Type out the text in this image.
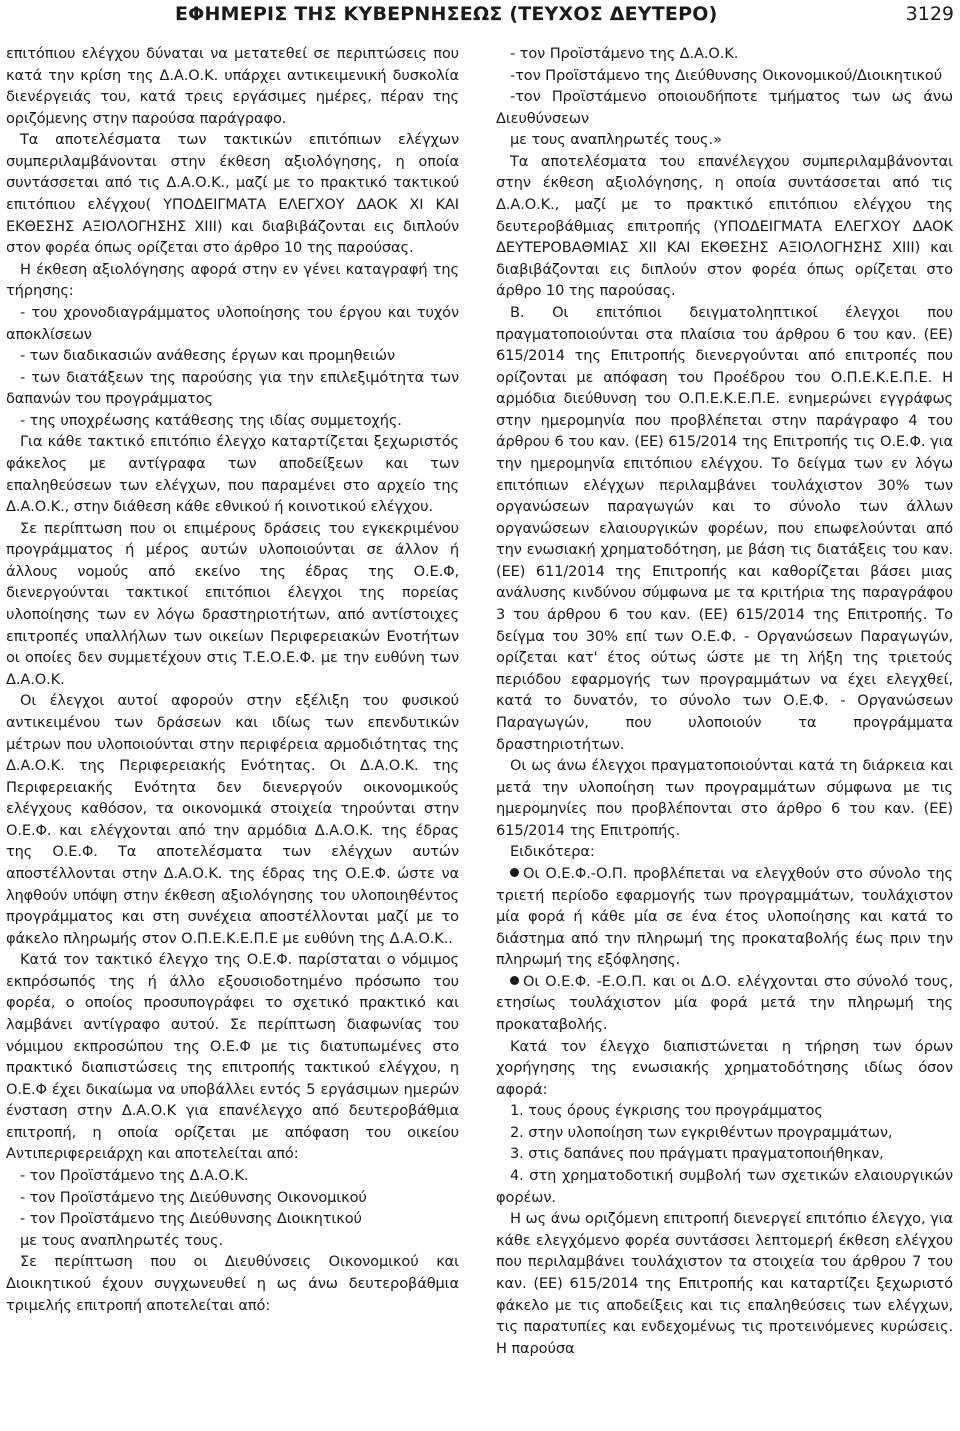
ΕΦΗΜΕΡΙΣ ΤΗΣ ΚΥΒΕΡΝΗΣΕΩΣ (ΤΕΥΧΟΣ ΔΕΥΤΕΡΟ)	3129

επιτόπιου ελέγχου δύναται να μετατεθεί σε περιπτώσεις που κατά την κρίση της Δ.Α.Ο.Κ. υπάρχει αντικειμενική δυσκολία διενέργειάς του, κατά τρεις εργάσιμες ημέρες, πέραν της οριζόμενης στην παρούσα παράγραφο.

Τα αποτελέσματα των τακτικών επιτόπιων ελέγχων συμπεριλαμβάνονται στην έκθεση αξιολόγησης, η οποία συντάσσεται από τις Δ.Α.Ο.Κ., μαζί με το πρακτικό τακτικού επιτόπιου ελέγχου( ΥΠΟΔΕΙΓΜΑΤΑ ΕΛΕΓΧΟΥ ΔΑΟΚ ΧΙ ΚΑΙ ΕΚΘΕΣΗΣ ΑΞΙΟΛΟΓΗΣΗΣ ΧΙΙΙ) και διαβιβάζονται εις διπλούν στον φορέα όπως ορίζεται στο άρθρο 10 της παρούσας.

Η έκθεση αξιολόγησης αφορά στην εν γένει καταγραφή της τήρησης:

- του χρονοδιαγράμματος υλοποίησης του έργου και τυχόν αποκλίσεων

- των διαδικασιών ανάθεσης έργων και προμηθειών

- των διατάξεων της παρούσης για την επιλεξιμότητα των δαπανών του προγράμματος

- της υποχρέωσης κατάθεσης της ιδίας συμμετοχής.

Για κάθε τακτικό επιτόπιο έλεγχο καταρτίζεται ξεχωριστός φάκελος με αντίγραφα των αποδείξεων και των επαληθεύσεων των ελέγχων, που παραμένει στο αρχείο της Δ.Α.Ο.Κ., στην διάθεση κάθε εθνικού ή κοινοτικού ελέγχου.

Σε περίπτωση που οι επιμέρους δράσεις του εγκεκριμένου προγράμματος ή μέρος αυτών υλοποιούνται σε άλλον ή άλλους νομούς από εκείνο της έδρας της Ο.Ε.Φ, διενεργούνται τακτικοί επιτόπιοι έλεγχοι της πορείας υλοποίησης των εν λόγω δραστηριοτήτων, από αντίστοιχες επιτροπές υπαλλήλων των οικείων Περιφερειακών Ενοτήτων οι οποίες δεν συμμετέχουν στις Τ.Ε.Ο.Ε.Φ. με την ευθύνη των Δ.Α.Ο.Κ.

Οι έλεγχοι αυτοί αφορούν στην εξέλιξη του φυσικού αντικειμένου των δράσεων και ιδίως των επενδυτικών μέτρων που υλοποιούνται στην περιφέρεια αρμοδιότητας της Δ.Α.Ο.Κ. της Περιφερειακής Ενότητας. Οι Δ.Α.Ο.Κ. της Περιφερειακής Ενότητα δεν διενεργούν οικονομικούς ελέγχους καθόσον, τα οικονομικά στοιχεία τηρούνται στην Ο.Ε.Φ. και ελέγχονται από την αρμόδια Δ.Α.Ο.Κ. της έδρας της Ο.Ε.Φ. Τα αποτελέσματα των ελέγχων αυτών αποστέλλονται στην Δ.Α.Ο.Κ. της έδρας της Ο.Ε.Φ. ώστε να ληφθούν υπόψη στην έκθεση αξιολόγησης του υλοποιηθέντος προγράμματος και στη συνέχεια αποστέλλονται μαζί με το φάκελο πληρωμής στον Ο.Π.Ε.Κ.Ε.Π.Ε με ευθύνη της Δ.Α.Ο.Κ..

Κατά τον τακτικό έλεγχο της Ο.Ε.Φ. παρίσταται ο νόμιμος εκπρόσωπός της ή άλλο εξουσιοδοτημένο πρόσωπο του φορέα, ο οποίος προσυπογράφει το σχετικό πρακτικό και λαμβάνει αντίγραφο αυτού. Σε περίπτωση διαφωνίας του νόμιμου εκπροσώπου της Ο.Ε.Φ με τις διατυπωμένες στο πρακτικό διαπιστώσεις της επιτροπής τακτικού ελέγχου, η Ο.Ε.Φ έχει δικαίωμα να υποβάλλει εντός 5 εργάσιμων ημερών ένσταση στην Δ.Α.Ο.Κ για επανέλεγχο από δευτεροβάθμια επιτροπή, η οποία ορίζεται με απόφαση του οικείου Αντιπεριφερειάρχη και αποτελείται από:

- τον Προϊστάμενο της Δ.Α.Ο.Κ.

- τον Προϊστάμενο της Διεύθυνσης Οικονομικού

- τον Προϊστάμενο της Διεύθυνσης Διοικητικού

με τους αναπληρωτές τους.

Σε περίπτωση που οι Διευθύνσεις Οικονομικού και Διοικητικού έχουν συγχωνευθεί η ως άνω δευτεροβάθμια τριμελής επιτροπή αποτελείται από:

- τον Προϊστάμενο της Δ.Α.Ο.Κ.

-τον Προϊστάμενο της Διεύθυνσης Οικονομικού/Διοικητικού

-τον Προϊστάμενο οποιουδήποτε τμήματος των ως άνω Διευθύνσεων

με τους αναπληρωτές τους.»

Τα αποτελέσματα του επανέλεγχου συμπεριλαμβάνονται στην έκθεση αξιολόγησης, η οποία συντάσσεται από τις Δ.Α.Ο.Κ., μαζί με το πρακτικό επιτόπιου ελέγχου της δευτεροβάθμιας επιτροπής (ΥΠΟΔΕΙΓΜΑΤΑ ΕΛΕΓΧΟΥ ΔΑΟΚ ΔΕΥΤΕΡΟΒΑΘΜΙΑΣ ΧΙΙ ΚΑΙ ΕΚΘΕΣΗΣ ΑΞΙΟΛΟΓΗΣΗΣ ΧΙΙΙ) και διαβιβάζονται εις διπλούν στον φορέα όπως ορίζεται στο άρθρο 10 της παρούσας.

Β. Οι επιτόπιοι δειγματοληπτικοί έλεγχοι που πραγματοποιούνται στα πλαίσια του άρθρου 6 του καν. (ΕΕ) 615/2014 της Επιτροπής διενεργούνται από επιτροπές που ορίζονται με απόφαση του Προέδρου του Ο.Π.Ε.Κ.Ε.Π.Ε. Η αρμόδια διεύθυνση του Ο.Π.Ε.Κ.Ε.Π.Ε. ενημερώνει εγγράφως στην ημερομηνία που προβλέπεται στην παράγραφο 4 του άρθρου 6 του καν. (ΕΕ) 615/2014 της Επιτροπής τις Ο.Ε.Φ. για την ημερομηνία επιτόπιου ελέγχου. Το δείγμα των εν λόγω επιτόπιων ελέγχων περιλαμβάνει τουλάχιστον 30% των οργανώσεων παραγωγών και το σύνολο των άλλων οργανώσεων ελαιουργικών φορέων, που επωφελούνται από την ενωσιακή χρηματοδότηση, με βάση τις διατάξεις του καν. (ΕΕ) 611/2014 της Επιτροπής και καθορίζεται βάσει μιας ανάλυσης κινδύνου σύμφωνα με τα κριτήρια της παραγράφου 3 του άρθρου 6 του καν. (ΕΕ) 615/2014 της Επιτροπής. Το δείγμα του 30% επί των Ο.Ε.Φ. - Οργανώσεων Παραγωγών, ορίζεται κατ' έτος ούτως ώστε με τη λήξη της τριετούς περιόδου εφαρμογής των προγραμμάτων να έχει ελεγχθεί, κατά το δυνατόν, το σύνολο των Ο.Ε.Φ. - Οργανώσεων Παραγωγών, που υλοποιούν τα προγράμματα δραστηριοτήτων.

Οι ως άνω έλεγχοι πραγματοποιούνται κατά τη διάρκεια και μετά την υλοποίηση των προγραμμάτων σύμφωνα με τις ημερομηνίες που προβλέπονται στο άρθρο 6 του καν. (ΕΕ) 615/2014 της Επιτροπής.

Ειδικότερα:

Οι Ο.Ε.Φ.-Ο.Π. προβλέπεται να ελεγχθούν στο σύνολο της τριετή περίοδο εφαρμογής των προγραμμάτων, τουλάχιστον μία φορά ή κάθε μία σε ένα έτος υλοποίησης και κατά το διάστημα από την πληρωμή της προκαταβολής έως πριν την πληρωμή της εξόφλησης.

Οι Ο.Ε.Φ. -Ε.Ο.Π. και οι Δ.Ο. ελέγχονται στο σύνολό τους, ετησίως τουλάχιστον μία φορά μετά την πληρωμή της προκαταβολής.

Κατά τον έλεγχο διαπιστώνεται η τήρηση των όρων χορήγησης της ενωσιακής χρηματοδότησης ιδίως όσον αφορά:

1. τους όρους έγκρισης του προγράμματος

2. στην υλοποίηση των εγκριθέντων προγραμμάτων,

3. στις δαπάνες που πράγματι πραγματοποιήθηκαν,

4. στη χρηματοδοτική συμβολή των σχετικών ελαιουργικών φορέων.

Η ως άνω οριζόμενη επιτροπή διενεργεί επιτόπιο έλεγχο, για κάθε ελεγχόμενο φορέα συντάσσει λεπτομερή έκθεση ελέγχου που περιλαμβάνει τουλάχιστον τα στοιχεία του άρθρου 7 του καν. (ΕΕ) 615/2014 της Επιτροπής και καταρτίζει ξεχωριστό φάκελο με τις αποδείξεις και τις επαληθεύσεις των ελέγχων, τις παρατυπίες και ενδεχομένως τις προτεινόμενες κυρώσεις. Η παρούσα
